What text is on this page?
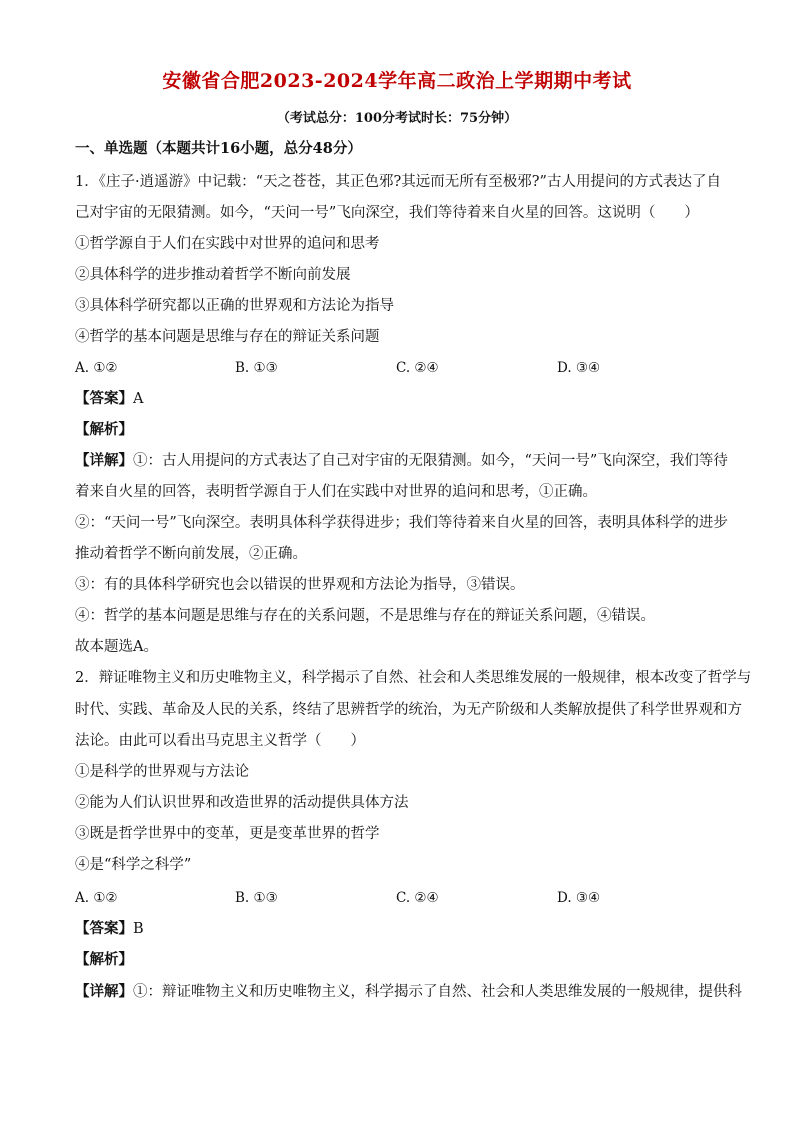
安徽省合肥2023-2024学年高二政治上学期期中考试
（考试总分：100分考试时长：75分钟）
一、单选题（本题共计16小题，总分48分）
1．《庄子·逍遥游》中记载：“天之苍苍，其正色邪?其远而无所有至极邪?”古人用提问的方式表达了自
己对宇宙的无限猜测。如今，“天问一号”飞向深空，我们等待着来自火星的回答。这说明（　　）
①哲学源自于人们在实践中对世界的追问和思考
②具体科学的进步推动着哲学不断向前发展
③具体科学研究都以正确的世界观和方法论为指导
④哲学的基本问题是思维与存在的辩证关系问题
A. ①②	B. ①③	C. ②④	D. ③④
【答案】A
【解析】
【详解】①：古人用提问的方式表达了自己对宇宙的无限猜测。如今，“天问一号”飞向深空，我们等待
着来自火星的回答，表明哲学源自于人们在实践中对世界的追问和思考，①正确。
②：“天问一号”飞向深空。表明具体科学获得进步；我们等待着来自火星的回答，表明具体科学的进步
推动着哲学不断向前发展，②正确。
③：有的具体科学研究也会以错误的世界观和方法论为指导，③错误。
④：哲学的基本问题是思维与存在的关系问题，不是思维与存在的辩证关系问题，④错误。
故本题选A。
2．辩证唯物主义和历史唯物主义，科学揭示了自然、社会和人类思维发展的一般规律，根本改变了哲学与
时代、实践、革命及人民的关系，终结了思辨哲学的统治，为无产阶级和人类解放提供了科学世界观和方
法论。由此可以看出马克思主义哲学（　　）
①是科学的世界观与方法论
②能为人们认识世界和改造世界的活动提供具体方法
③既是哲学世界中的变革，更是变革世界的哲学
④是“科学之科学”
A. ①②	B. ①③	C. ②④	D. ③④
【答案】B
【解析】
【详解】①：辩证唯物主义和历史唯物主义，科学揭示了自然、社会和人类思维发展的一般规律，提供科
